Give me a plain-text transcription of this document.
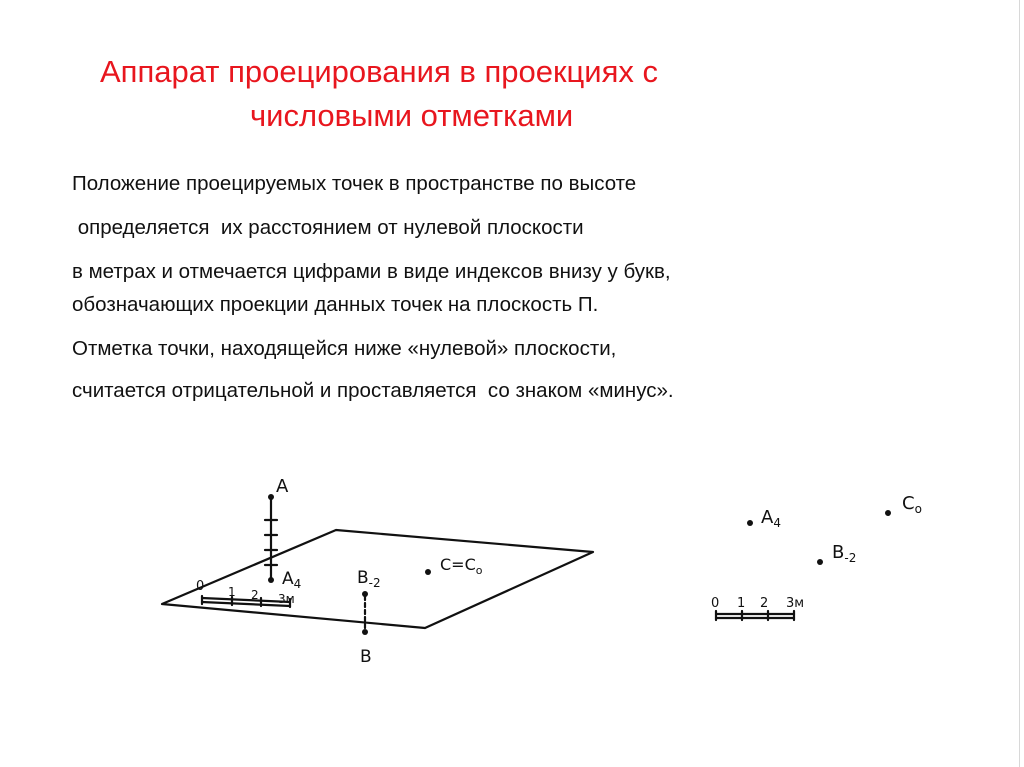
Аппарат проецирования в проекциях с
числовыми отметками
Положение проецируемых точек в пространстве по высоте
определяется  их расстоянием от нулевой плоскости
в метрах и отмечается цифрами в виде индексов внизу у букв,
обозначающих проекции данных точек на плоскость П.
Отметка точки, находящейся ниже «нулевой» плоскости,
считается отрицательной и проставляется  со знаком «минус».
A
$A_4$	$B_{-2}$
B
$C=C_o$
0 1 2 3м
$A_4$
$C_o$
$B_{-2}$
0 1 2 3м
